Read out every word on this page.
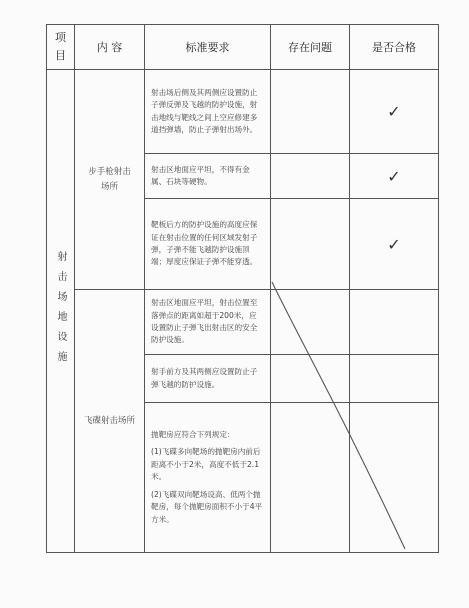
项目	内 容	标准要求	存在问题	是否合格

射击场地设施	步手枪射击场所	射击场后侧及其两侧应设置防止子弹反弹及飞越的防护设施，射击地线与靶线之间上空应修建多道挡弹墙，防止子弹射出场外。		✓

		射击区地面应平坦，不得有金属、石块等硬物。		✓

		靶板后方的防护设施的高度应保证在射击位置的任何区域发射子弹，子弹不能飞越防护设施顶端；厚度应保证子弹不能穿透。		✓

	飞碟射击场所	射击区地面应平坦，射击位置至落弹点的距离如超于200米，应设置防止子弹飞出射击区的安全防护设施。		

		射手前方及其两侧应设置防止子弹飞越的防护设施。		

		抛靶房应符合下列规定：

(1)飞碟多向靶场的抛靶房内前后距离不小于2米，高度不低于2.1米。

(2)飞碟双向靶场设高、低两个抛靶房，每个抛靶房面积不小于4平方米。		
